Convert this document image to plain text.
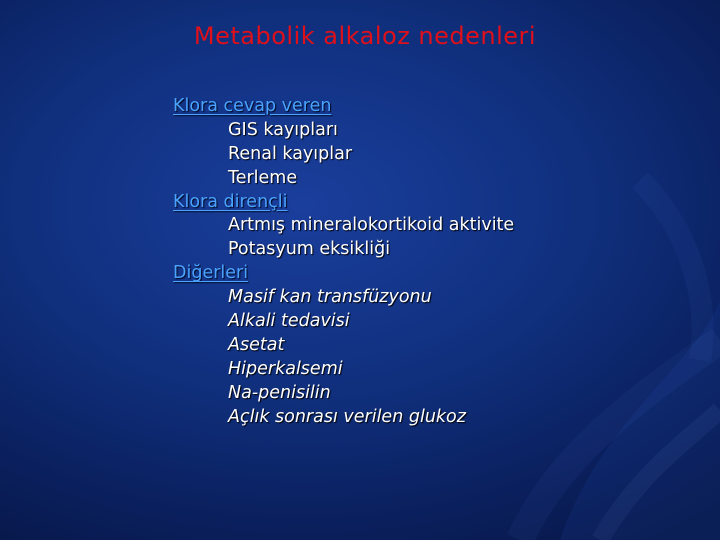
Metabolik alkaloz nedenleri
Klora cevap veren
GIS kayıpları
Renal kayıplar
Terleme
Klora dirençli
Artmış mineralokortikoid aktivite
Potasyum eksikliği
Diğerleri
Masif kan transfüzyonu
Alkali tedavisi
Asetat
Hiperkalsemi
Na-penisilin
Açlık sonrası verilen glukoz
